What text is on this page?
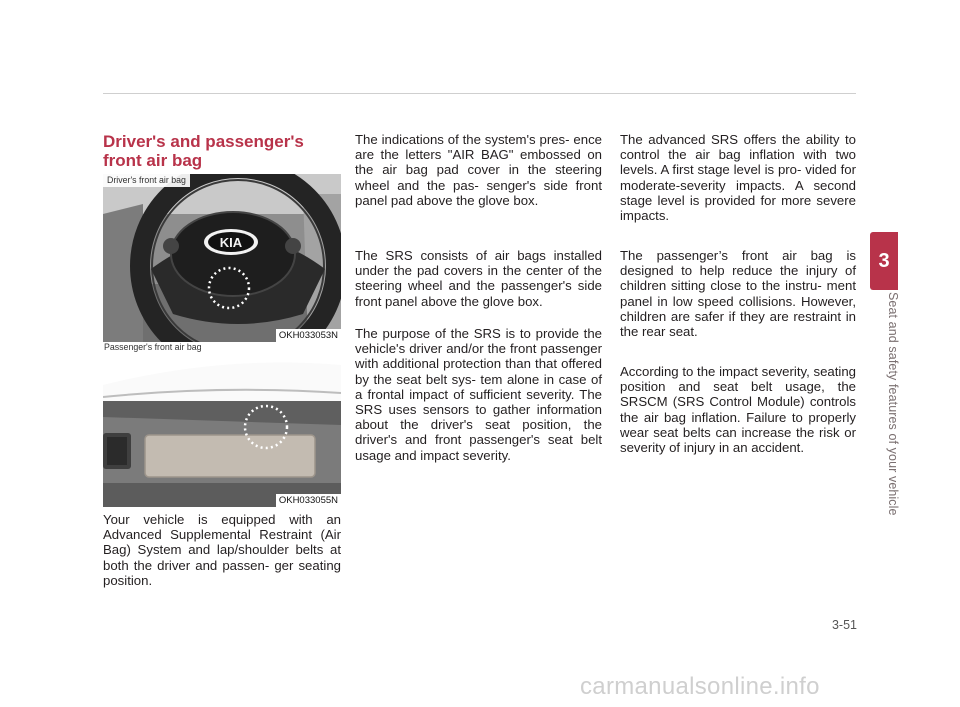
3
Seat and safety features of your vehicle
Driver's and passenger's front air bag
KIA
Driver's front air bag
OKH033053N
Passenger's front air bag
OKH033055N

Your vehicle is equipped with an Advanced Supplemental Restraint (Air Bag) System and lap/shoulder belts at both the driver and passen- ger seating position.

The indications of the system's pres- ence are the letters "AIR BAG" embossed on the air bag pad cover in the steering wheel and the pas- senger's side front panel pad above the glove box.

The SRS consists of air bags installed under the pad covers in the center of the steering wheel and the passenger's side front panel above the glove box.

The purpose of the SRS is to provide the vehicle's driver and/or the front passenger with additional protection than that offered by the seat belt sys- tem alone in case of a frontal impact of sufficient severity. The SRS uses sensors to gather information about the driver's seat position, the driver's and front passenger's seat belt usage and impact severity.

The advanced SRS offers the ability to control the air bag inflation with two levels. A first stage level is pro- vided for moderate-severity impacts. A second stage level is provided for more severe impacts.

The passenger’s front air bag is designed to help reduce the injury of children sitting close to the instru- ment panel in low speed collisions. However, children are safer if they are restraint in the rear seat.

According to the impact severity, seating position and seat belt usage, the SRSCM (SRS Control Module) controls the air bag inflation. Failure to properly wear seat belts can increase the risk or severity of injury in an accident.

3-51
carmanualsonline.info
